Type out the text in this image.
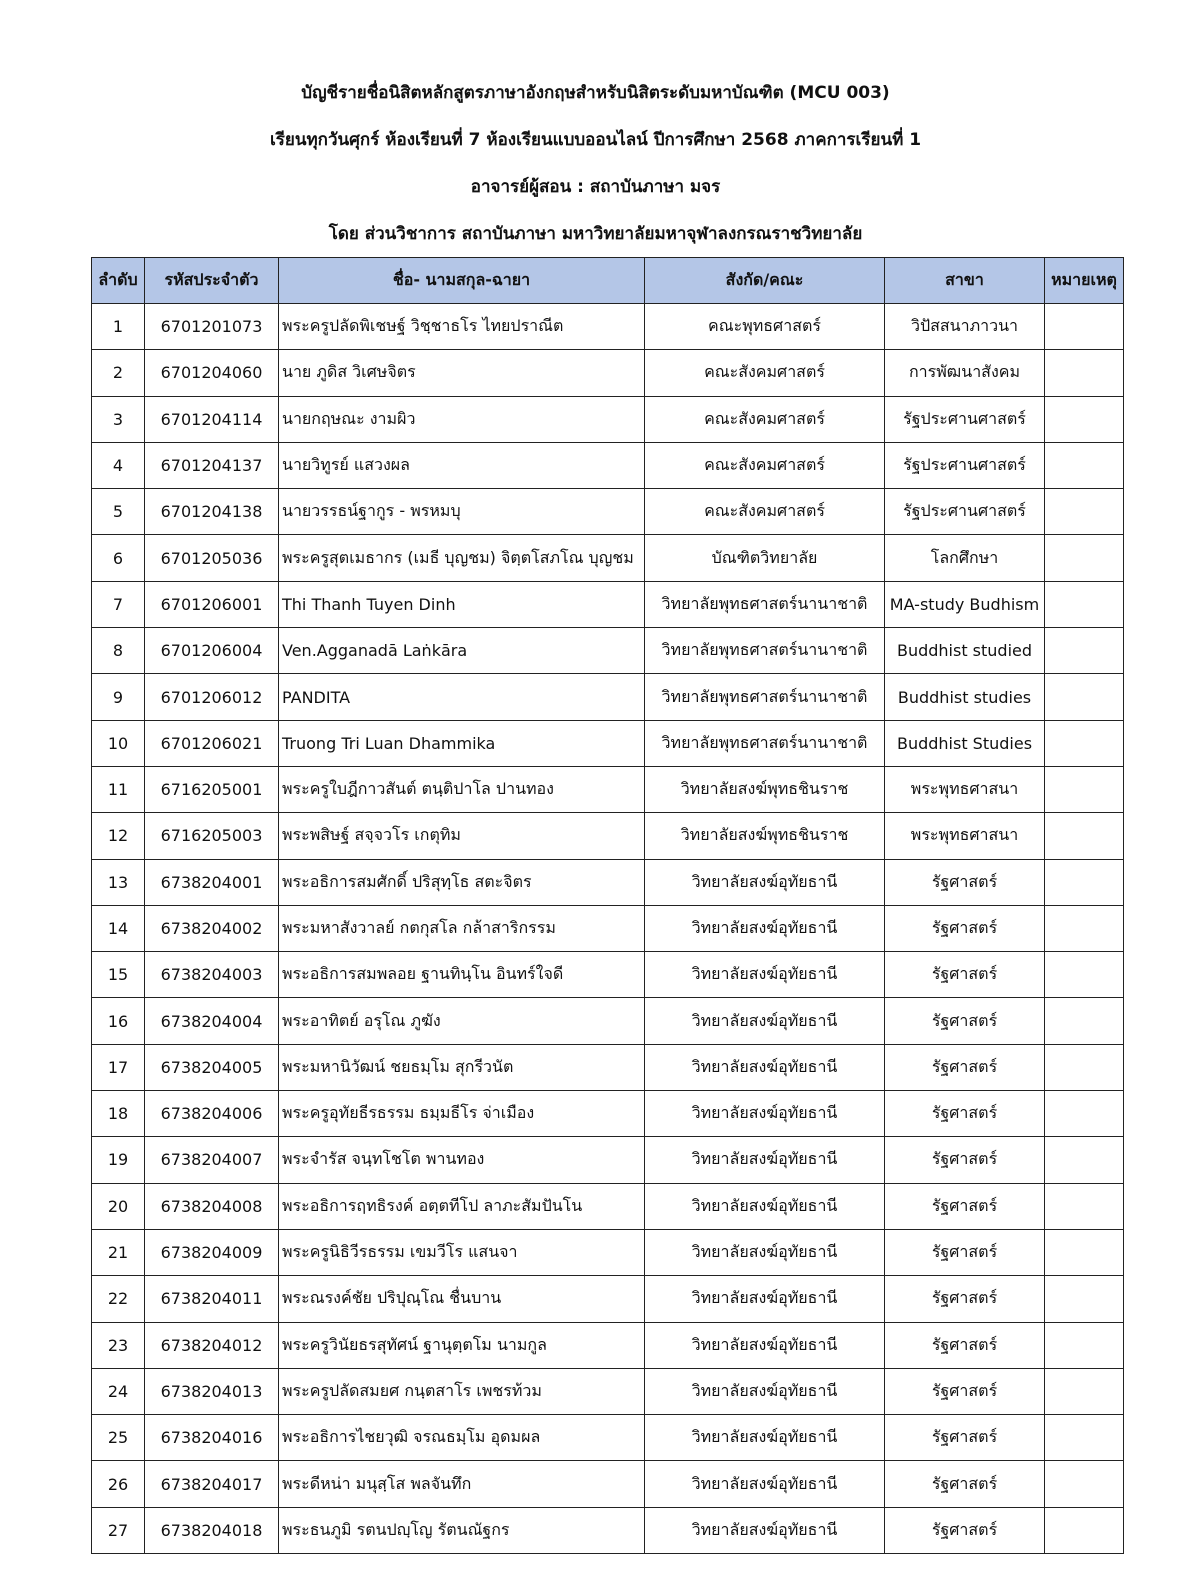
บัญชีรายชื่อนิสิตหลักสูตรภาษาอังกฤษสำหรับนิสิตระดับมหาบัณฑิต (MCU 003)
เรียนทุกวันศุกร์ ห้องเรียนที่ 7 ห้องเรียนแบบออนไลน์ ปีการศึกษา 2568 ภาคการเรียนที่ 1
อาจารย์ผู้สอน : สถาบันภาษา มจร
โดย ส่วนวิชาการ สถาบันภาษา มหาวิทยาลัยมหาจุฬาลงกรณราชวิทยาลัย
ลำดับ	รหัสประจำตัว	ชื่อ- นามสกุล-ฉายา	สังกัด/คณะ	สาขา	หมายเหตุ
1	6701201073	พระครูปลัดพิเชษฐ์ วิชฺชาธโร ไทยปราณีต	คณะพุทธศาสตร์	วิปัสสนาภาวนา	
2	6701204060	นาย ภูดิส วิเศษจิตร	คณะสังคมศาสตร์	การพัฒนาสังคม	
3	6701204114	นายกฤษณะ งามผิว	คณะสังคมศาสตร์	รัฐประศานศาสตร์	
4	6701204137	นายวิทูรย์ แสวงผล	คณะสังคมศาสตร์	รัฐประศานศาสตร์	
5	6701204138	นายวรรธน์ฐากูร - พรหมบุ	คณะสังคมศาสตร์	รัฐประศานศาสตร์	
6	6701205036	พระครูสุตเมธากร (เมธี บุญชม) จิตฺตโสภโณ บุญชม	บัณฑิตวิทยาลัย	โลกศึกษา	
7	6701206001	Thi Thanh Tuyen Dinh	วิทยาลัยพุทธศาสตร์นานาชาติ	MA-study Budhism	
8	6701206004	Ven.Agganadā Laṅkāra	วิทยาลัยพุทธศาสตร์นานาชาติ	Buddhist studied	
9	6701206012	PANDITA	วิทยาลัยพุทธศาสตร์นานาชาติ	Buddhist studies	
10	6701206021	Truong Tri Luan Dhammika	วิทยาลัยพุทธศาสตร์นานาชาติ	Buddhist Studies	
11	6716205001	พระครูใบฎีกาวสันต์ ตนฺติปาโล ปานทอง	วิทยาลัยสงฆ์พุทธชินราช	พระพุทธศาสนา	
12	6716205003	พระพสิษฐ์ สจฺจวโร เกตุทิม	วิทยาลัยสงฆ์พุทธชินราช	พระพุทธศาสนา	
13	6738204001	พระอธิการสมศักดิ์ ปริสุทฺโธ สตะจิตร	วิทยาลัยสงฆ์อุทัยธานี	รัฐศาสตร์	
14	6738204002	พระมหาสังวาลย์ กตกุสโล กล้าสาริกรรม	วิทยาลัยสงฆ์อุทัยธานี	รัฐศาสตร์	
15	6738204003	พระอธิการสมพลอย ฐานทินฺโน อินทร์ใจดี	วิทยาลัยสงฆ์อุทัยธานี	รัฐศาสตร์	
16	6738204004	พระอาทิตย์ อรุโณ ภูฆัง	วิทยาลัยสงฆ์อุทัยธานี	รัฐศาสตร์	
17	6738204005	พระมหานิวัฒน์ ชยธมฺโม สุกรีวนัต	วิทยาลัยสงฆ์อุทัยธานี	รัฐศาสตร์	
18	6738204006	พระครูอุทัยธีรธรรม ธมฺมธีโร จ่าเมือง	วิทยาลัยสงฆ์อุทัยธานี	รัฐศาสตร์	
19	6738204007	พระจำรัส จนฺทโชโต พานทอง	วิทยาลัยสงฆ์อุทัยธานี	รัฐศาสตร์	
20	6738204008	พระอธิการฤทธิรงค์ อตฺตทีโป ลาภะสัมปันโน	วิทยาลัยสงฆ์อุทัยธานี	รัฐศาสตร์	
21	6738204009	พระครูนิธิวีรธรรม เขมวีโร แสนจา	วิทยาลัยสงฆ์อุทัยธานี	รัฐศาสตร์	
22	6738204011	พระณรงค์ชัย ปริปุณฺโณ ชื่นบาน	วิทยาลัยสงฆ์อุทัยธานี	รัฐศาสตร์	
23	6738204012	พระครูวินัยธรสุทัศน์ ฐานุตฺตโม นามกูล	วิทยาลัยสงฆ์อุทัยธานี	รัฐศาสตร์	
24	6738204013	พระครูปลัดสมยศ กนฺตสาโร เพชรท้วม	วิทยาลัยสงฆ์อุทัยธานี	รัฐศาสตร์	
25	6738204016	พระอธิการไชยวุฒิ จรณธมฺโม อุดมผล	วิทยาลัยสงฆ์อุทัยธานี	รัฐศาสตร์	
26	6738204017	พระดีหน่า มนุสฺโส พลจันทึก	วิทยาลัยสงฆ์อุทัยธานี	รัฐศาสตร์	
27	6738204018	พระธนภูมิ รตนปญฺโญ รัตนณัฐกร	วิทยาลัยสงฆ์อุทัยธานี	รัฐศาสตร์	
